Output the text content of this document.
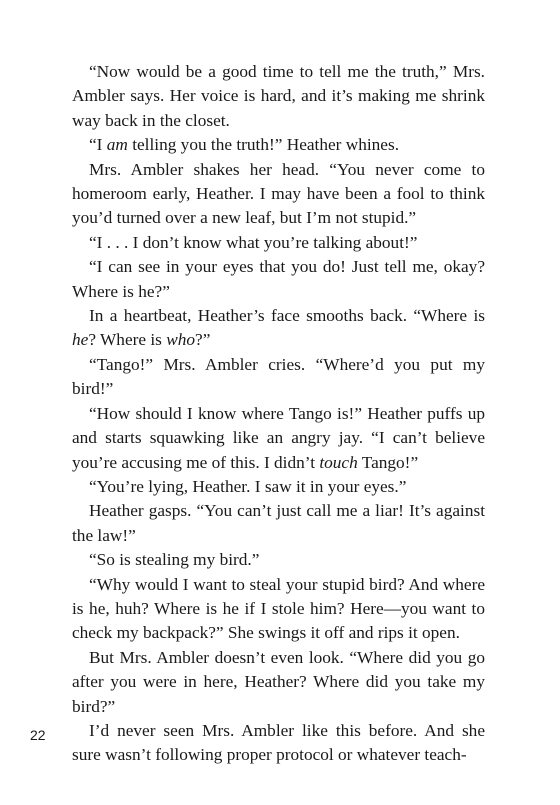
“Now would be a good time to tell me the truth,” Mrs. Ambler says. Her voice is hard, and it’s making me shrink way back in the closet.

“I am telling you the truth!” Heather whines.

Mrs. Ambler shakes her head. “You never come to homeroom early, Heather. I may have been a fool to think you’d turned over a new leaf, but I’m not stupid.”

“I . . . I don’t know what you’re talking about!”

“I can see in your eyes that you do! Just tell me, okay? Where is he?”

In a heartbeat, Heather’s face smooths back. “Where is he? Where is who?”

“Tango!” Mrs. Ambler cries. “Where’d you put my bird!”

“How should I know where Tango is!” Heather puffs up and starts squawking like an angry jay. “I can’t believe you’re accusing me of this. I didn’t touch Tango!”

“You’re lying, Heather. I saw it in your eyes.”

Heather gasps. “You can’t just call me a liar! It’s against the law!”

“So is stealing my bird.”

“Why would I want to steal your stupid bird? And where is he, huh? Where is he if I stole him? Here—you want to check my backpack?” She swings it off and rips it open.

But Mrs. Ambler doesn’t even look. “Where did you go after you were in here, Heather? Where did you take my bird?”

I’d never seen Mrs. Ambler like this before. And she sure wasn’t following proper protocol or whatever teach-

22
